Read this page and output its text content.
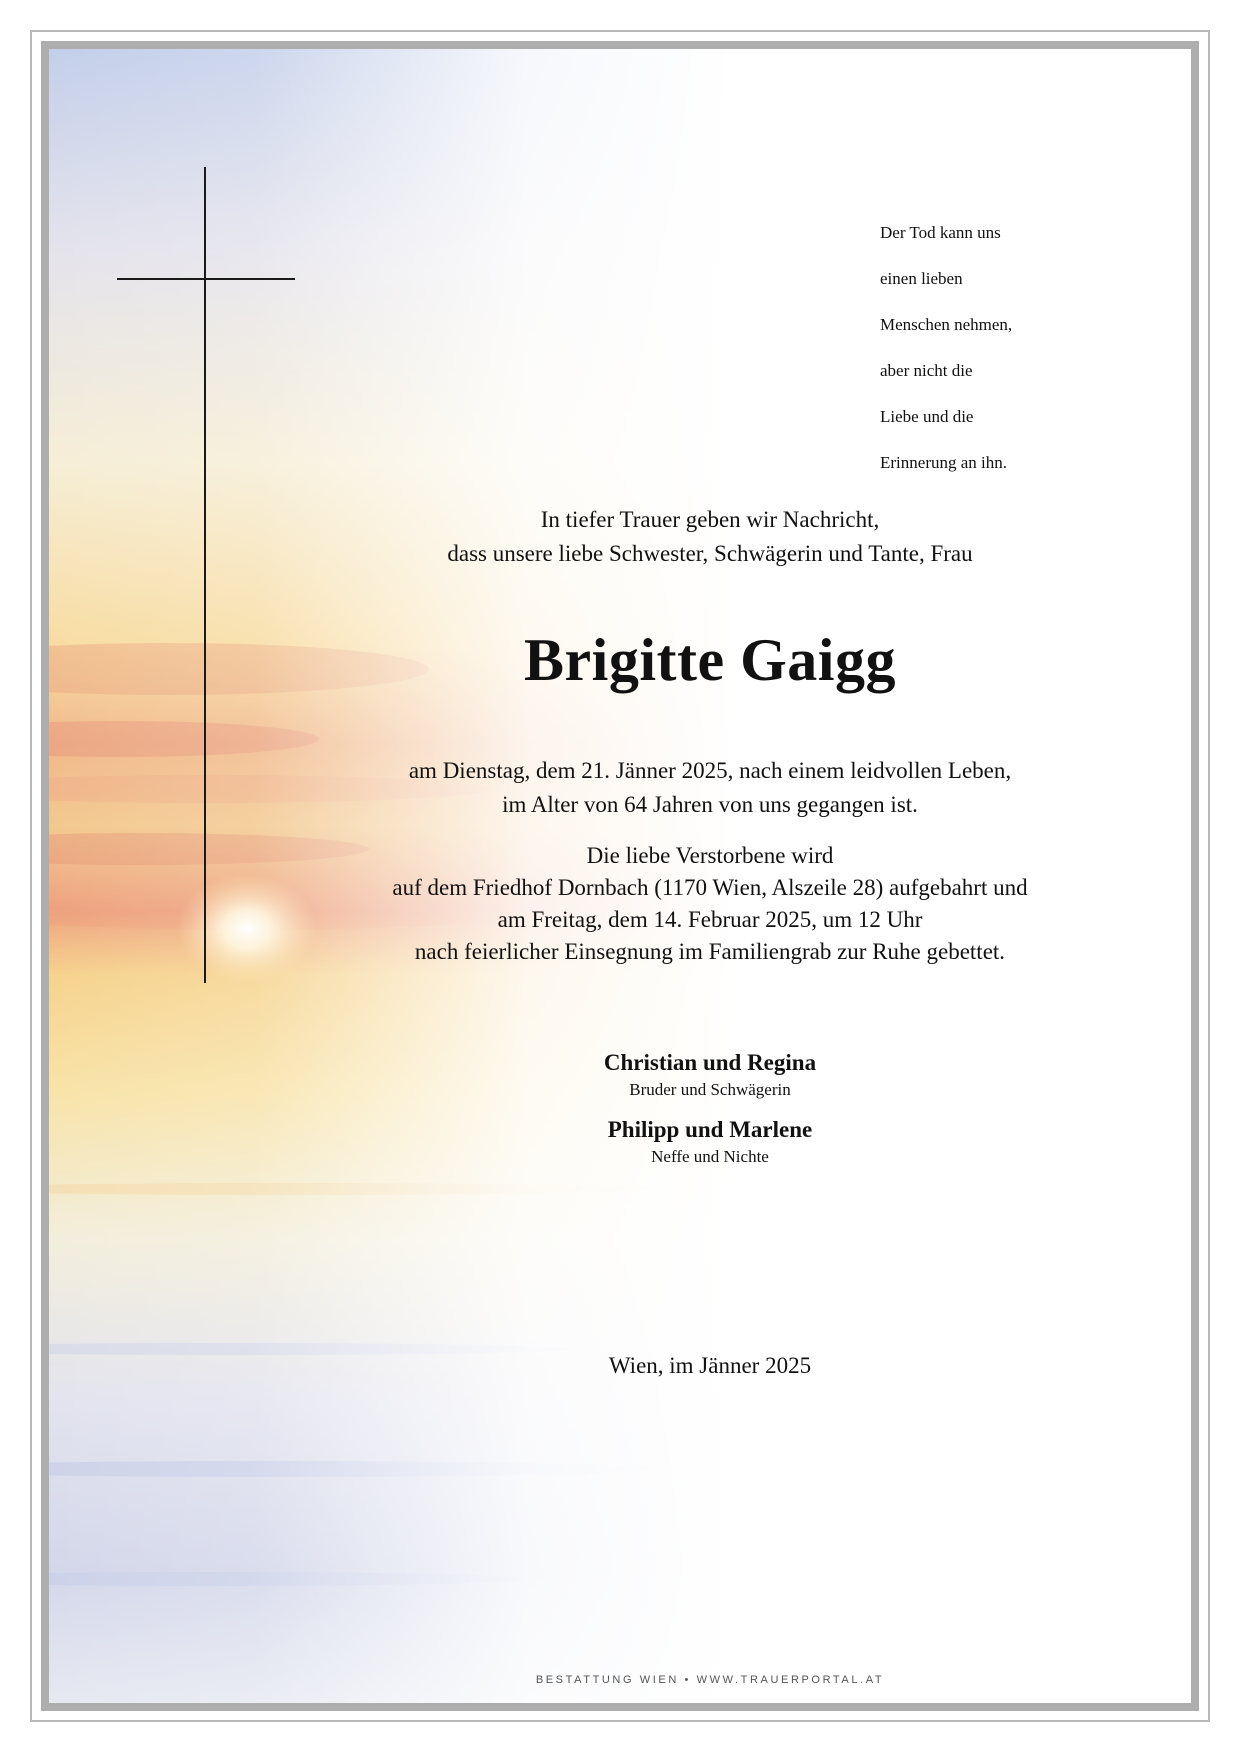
Der Tod kann uns

einen lieben

Menschen nehmen,

aber nicht die

Liebe und die

Erinnerung an ihn.

In tiefer Trauer geben wir Nachricht,
dass unsere liebe Schwester, Schwägerin und Tante, Frau
Brigitte Gaigg
am Dienstag, dem 21. Jänner 2025, nach einem leidvollen Leben,
im Alter von 64 Jahren von uns gegangen ist.
Die liebe Verstorbene wird
auf dem Friedhof Dornbach (1170 Wien, Alszeile 28) aufgebahrt und
am Freitag, dem 14. Februar 2025, um 12 Uhr
nach feierlicher Einsegnung im Familiengrab zur Ruhe gebettet.
Christian und Regina
Bruder und Schwägerin
Philipp und Marlene
Neffe und Nichte
Wien, im Jänner 2025
BESTATTUNG WIEN • WWW.TRAUERPORTAL.AT
